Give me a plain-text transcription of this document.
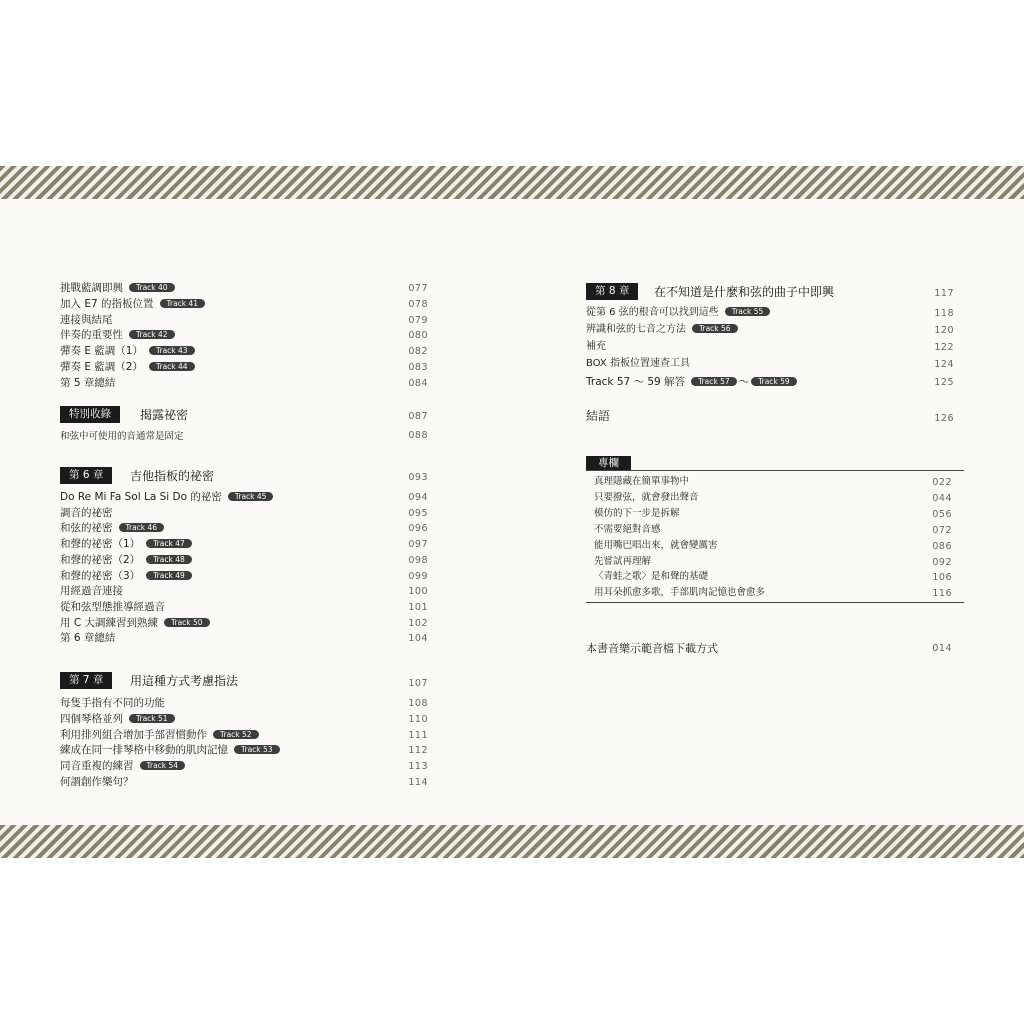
挑戰藍調即興 Track 40	077
加入 E7 的指板位置 Track 41	078
連接與結尾	079
伴奏的重要性 Track 42	080
彈奏 E 藍調（1） Track 43	082
彈奏 E 藍調（2） Track 44	083
第 5 章總結	084
特別收錄	揭露祕密	087
和弦中可使用的音通常是固定	088
第 6 章	吉他指板的祕密	093
Do Re Mi Fa Sol La Si Do 的祕密 Track 45	094
調音的祕密	095
和弦的祕密 Track 46	096
和聲的祕密（1） Track 47	097
和聲的祕密（2） Track 48	098
和聲的祕密（3） Track 49	099
用經過音連接	100
從和弦型態推導經過音	101
用 C 大調練習到熟練 Track 50	102
第 6 章總結	104
第 7 章	用這種方式考慮指法	107
每隻手指有不同的功能	108
四個琴格並列 Track 51	110
利用排列組合增加手部習慣動作 Track 52	111
練成在同一排琴格中移動的肌肉記憶 Track 53	112
同音重複的練習 Track 54	113
何謂創作樂句？	114
第 8 章	在不知道是什麼和弦的曲子中即興	117
從第 6 弦的根音可以找到這些 Track 55	118
辨識和弦的七音之方法 Track 56	120
補充	122
BOX 指板位置速查工具	124
Track 57 ～ 59 解答 Track 57 ～ Track 59	125
結語	126
本書音樂示範音檔下載方式	014
專欄
真理隱藏在簡單事物中	022
只要撥弦，就會發出聲音	044
模仿的下一步是拆解	056
不需要絕對音感	072
能用嘴巴唱出來，就會變厲害	086
先嘗試再理解	092
〈青蛙之歌〉是和聲的基礎	106
用耳朵抓愈多歌，手部肌肉記憶也會愈多	116
